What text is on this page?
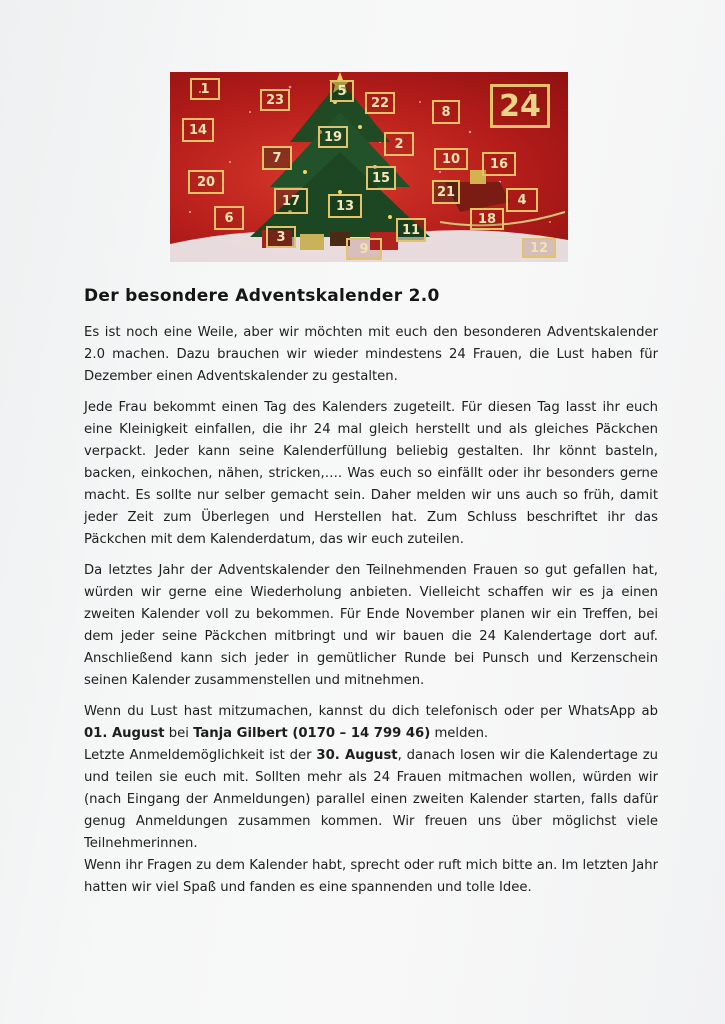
1
23
5
22
8	24
14	19	2
7	10	16
20	15
21
17	13	4
6	18
3	11
9	12
Der besondere Adventskalender 2.0

Es ist noch eine Weile, aber wir möchten mit euch den besonderen Adventskalender 2.0 machen. Dazu brauchen wir wieder mindestens 24 Frauen, die Lust haben für Dezember einen Adventskalender zu gestalten.

Jede Frau bekommt einen Tag des Kalenders zugeteilt. Für diesen Tag lasst ihr euch eine Kleinigkeit einfallen, die ihr 24 mal gleich herstellt und als gleiches Päckchen verpackt. Jeder kann seine Kalenderfüllung beliebig gestalten. Ihr könnt basteln, backen, einkochen, nähen, stricken,…. Was euch so einfällt oder ihr besonders gerne macht. Es sollte nur selber gemacht sein. Daher melden wir uns auch so früh, damit jeder Zeit zum Überlegen und Herstellen hat. Zum Schluss beschriftet ihr das Päckchen mit dem Kalenderdatum, das wir euch zuteilen.

Da letztes Jahr der Adventskalender den Teilnehmenden Frauen so gut gefallen hat, würden wir gerne eine Wiederholung anbieten. Vielleicht schaffen wir es ja einen zweiten Kalender voll zu bekommen. Für Ende November planen wir ein Treffen, bei dem jeder seine Päckchen mitbringt und wir bauen die 24 Kalendertage dort auf. Anschließend kann sich jeder in gemütlicher Runde bei Punsch und Kerzenschein seinen Kalender zusammenstellen und mitnehmen.

Wenn du Lust hast mitzumachen, kannst du dich telefonisch oder per WhatsApp ab 01. August bei Tanja Gilbert (0170 – 14 799 46) melden.
Letzte Anmeldemöglichkeit ist der 30. August, danach losen wir die Kalendertage zu und teilen sie euch mit. Sollten mehr als 24 Frauen mitmachen wollen, würden wir (nach Eingang der Anmeldungen) parallel einen zweiten Kalender starten, falls dafür genug Anmeldungen zusammen kommen. Wir freuen uns über möglichst viele Teilnehmerinnen.
Wenn ihr Fragen zu dem Kalender habt, sprecht oder ruft mich bitte an. Im letzten Jahr hatten wir viel Spaß und fanden es eine spannenden und tolle Idee.
